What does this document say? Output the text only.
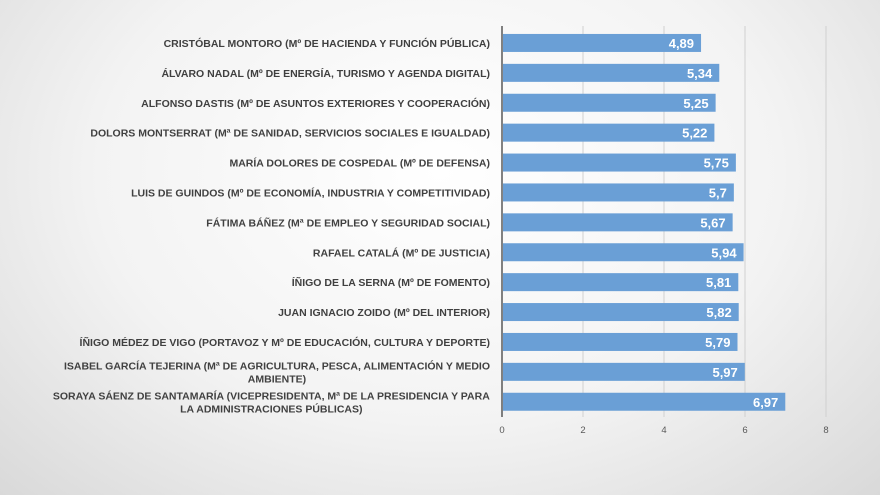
CRISTÓBAL MONTORO (Mº DE HACIENDA Y FUNCIÓN PÚBLICA)
ÁLVARO NADAL (Mº DE ENERGÍA, TURISMO Y AGENDA DIGITAL)
ALFONSO DASTIS (Mº DE ASUNTOS EXTERIORES Y COOPERACIÓN)
DOLORS MONTSERRAT (Mª DE SANIDAD, SERVICIOS SOCIALES E IGUALDAD)
MARÍA DOLORES DE COSPEDAL (Mº DE DEFENSA)
LUIS DE GUINDOS (Mº DE ECONOMÍA, INDUSTRIA Y COMPETITIVIDAD)
FÁTIMA BÁÑEZ (Mª DE EMPLEO Y SEGURIDAD SOCIAL)
RAFAEL CATALÁ (Mº DE JUSTICIA)
ÍÑIGO DE LA SERNA (Mº DE FOMENTO)
JUAN IGNACIO ZOIDO (Mº DEL INTERIOR)
ÍÑIGO MÉDEZ DE VIGO (PORTAVOZ Y Mº DE EDUCACIÓN, CULTURA Y DEPORTE)
ISABEL GARCÍA TEJERINA (Mª DE AGRICULTURA, PESCA, ALIMENTACIÓN Y MEDIO AMBIENTE)
SORAYA SÁENZ DE SANTAMARÍA (VICEPRESIDENTA, Mª DE LA PRESIDENCIA Y PARA LA ADMINISTRACIONES PÚBLICAS)
4,89
5,34
5,25
5,22
5,75
5,7
5,67
5,94
5,81
5,82
5,79
5,97
6,97
0	2	4	6	8
